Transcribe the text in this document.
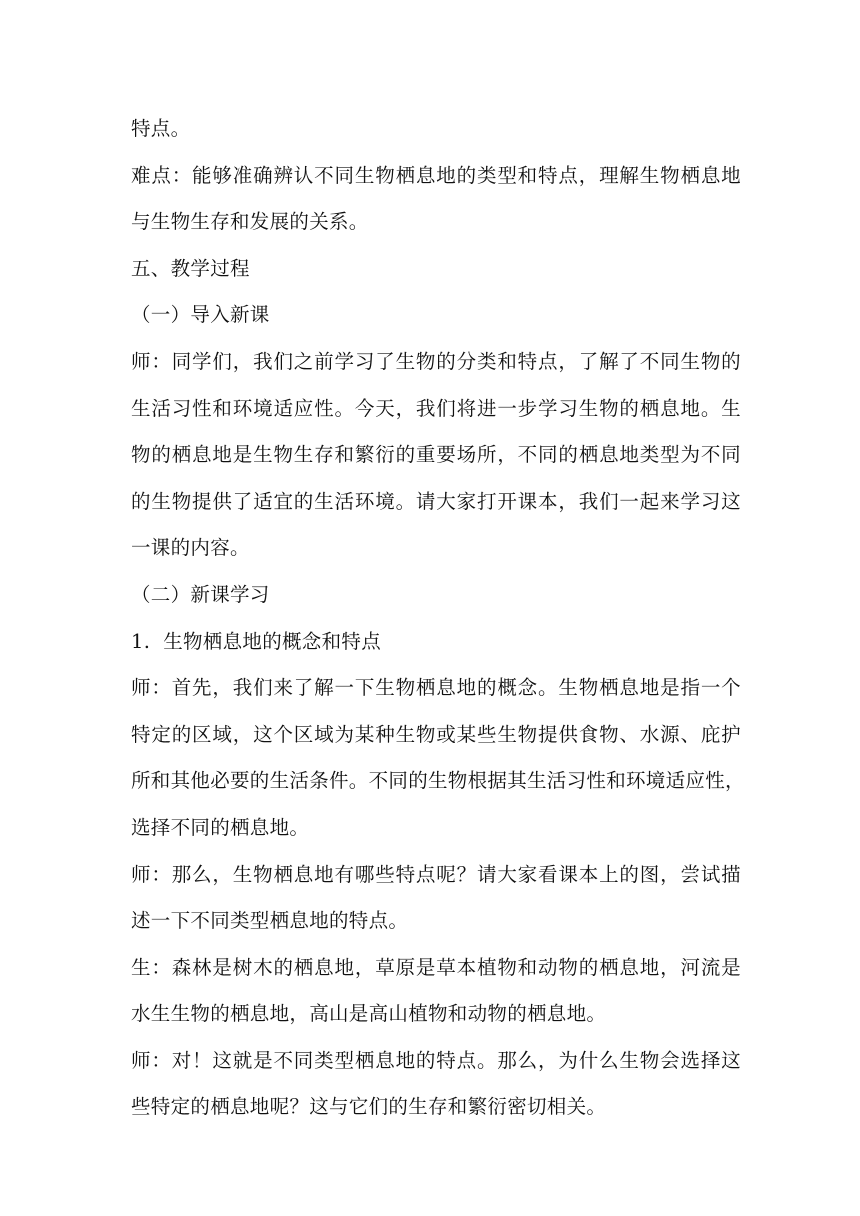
特点。
难点：能够准确辨认不同生物栖息地的类型和特点，理解生物栖息地
与生物生存和发展的关系。
五、教学过程
（一）导入新课
师：同学们，我们之前学习了生物的分类和特点，了解了不同生物的
生活习性和环境适应性。今天，我们将进一步学习生物的栖息地。生
物的栖息地是生物生存和繁衍的重要场所，不同的栖息地类型为不同
的生物提供了适宜的生活环境。请大家打开课本，我们一起来学习这
一课的内容。
（二）新课学习
1.  生物栖息地的概念和特点
师：首先，我们来了解一下生物栖息地的概念。生物栖息地是指一个
特定的区域，这个区域为某种生物或某些生物提供食物、水源、庇护
所和其他必要的生活条件。不同的生物根据其生活习性和环境适应性，
选择不同的栖息地。
师：那么，生物栖息地有哪些特点呢？请大家看课本上的图，尝试描
述一下不同类型栖息地的特点。
生：森林是树木的栖息地，草原是草本植物和动物的栖息地，河流是
水生生物的栖息地，高山是高山植物和动物的栖息地。
师：对！这就是不同类型栖息地的特点。那么，为什么生物会选择这
些特定的栖息地呢？这与它们的生存和繁衍密切相关。
